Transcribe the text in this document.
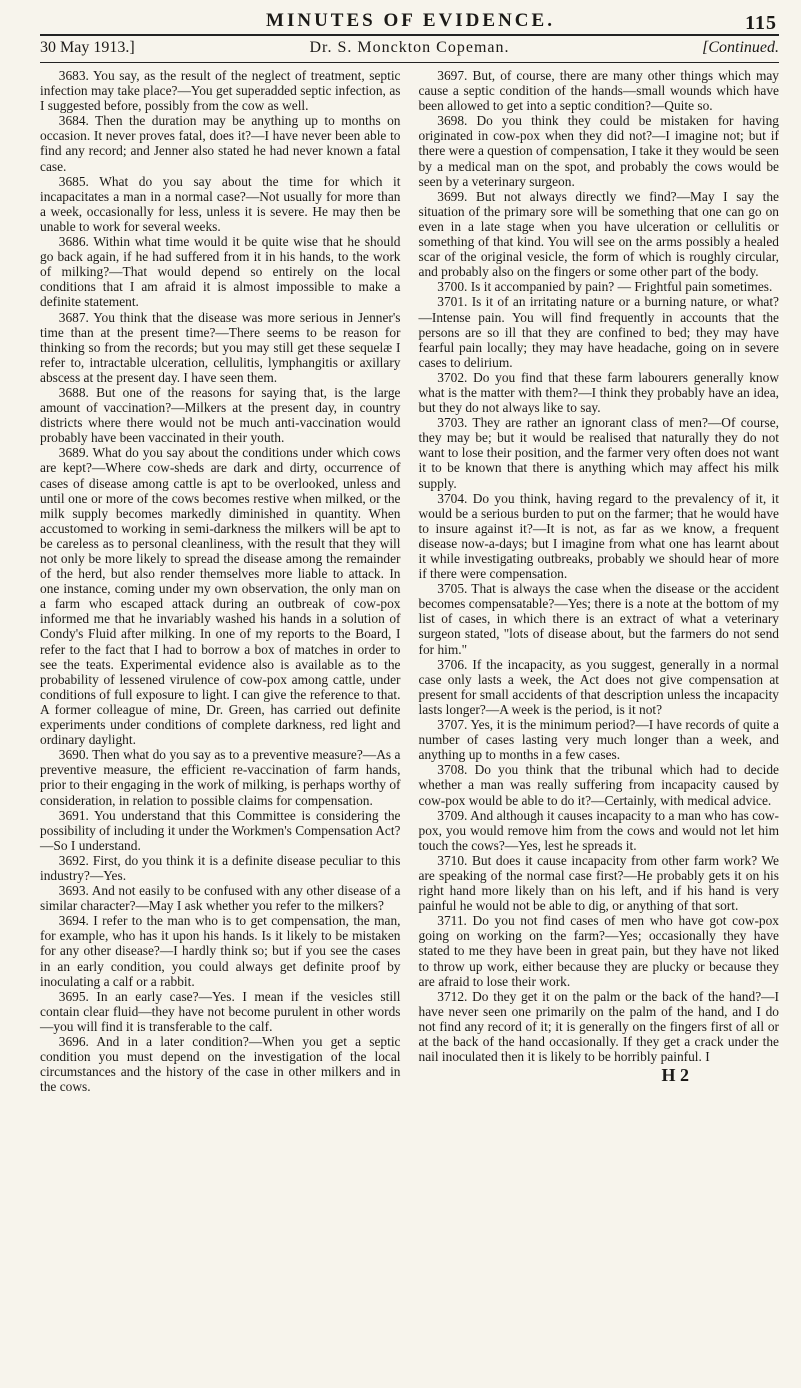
MINUTES OF EVIDENCE.	115
30 May 1913.]	Dr. S. Monckton Copeman.	[Continued.

3683. You say, as the result of the neglect of treatment, septic infection may take place?—You get superadded septic infection, as I suggested before, possibly from the cow as well.

3684. Then the duration may be anything up to months on occasion. It never proves fatal, does it?—I have never been able to find any record; and Jenner also stated he had never known a fatal case.

3685. What do you say about the time for which it incapacitates a man in a normal case?—Not usually for more than a week, occasionally for less, unless it is severe. He may then be unable to work for several weeks.

3686. Within what time would it be quite wise that he should go back again, if he had suffered from it in his hands, to the work of milking?—That would depend so entirely on the local conditions that I am afraid it is almost impossible to make a definite statement.

3687. You think that the disease was more serious in Jenner's time than at the present time?—There seems to be reason for thinking so from the records; but you may still get these sequelæ I refer to, intractable ulceration, cellulitis, lymphangitis or axillary abscess at the present day. I have seen them.

3688. But one of the reasons for saying that, is the large amount of vaccination?—Milkers at the present day, in country districts where there would not be much anti-vaccination would probably have been vaccinated in their youth.

3689. What do you say about the conditions under which cows are kept?—Where cow-sheds are dark and dirty, occurrence of cases of disease among cattle is apt to be overlooked, unless and until one or more of the cows becomes restive when milked, or the milk supply becomes markedly diminished in quantity. When accustomed to working in semi-darkness the milkers will be apt to be careless as to personal cleanliness, with the result that they will not only be more likely to spread the disease among the remainder of the herd, but also render themselves more liable to attack. In one instance, coming under my own observation, the only man on a farm who escaped attack during an outbreak of cow-pox informed me that he invariably washed his hands in a solution of Condy's Fluid after milking. In one of my reports to the Board, I refer to the fact that I had to borrow a box of matches in order to see the teats. Experimental evidence also is available as to the probability of lessened virulence of cow-pox among cattle, under conditions of full exposure to light. I can give the reference to that. A former colleague of mine, Dr. Green, has carried out definite experiments under conditions of complete darkness, red light and ordinary daylight.

3690. Then what do you say as to a preventive measure?—As a preventive measure, the efficient re-vaccination of farm hands, prior to their engaging in the work of milking, is perhaps worthy of consideration, in relation to possible claims for compensation.

3691. You understand that this Committee is considering the possibility of including it under the Workmen's Compensation Act?—So I understand.

3692. First, do you think it is a definite disease peculiar to this industry?—Yes.

3693. And not easily to be confused with any other disease of a similar character?—May I ask whether you refer to the milkers?

3694. I refer to the man who is to get compensation, the man, for example, who has it upon his hands. Is it likely to be mistaken for any other disease?—I hardly think so; but if you see the cases in an early condition, you could always get definite proof by inoculating a calf or a rabbit.

3695. In an early case?—Yes. I mean if the vesicles still contain clear fluid—they have not become purulent in other words—you will find it is transferable to the calf.

3696. And in a later condition?—When you get a septic condition you must depend on the investigation of the local circumstances and the history of the case in other milkers and in the cows.

3697. But, of course, there are many other things which may cause a septic condition of the hands—small wounds which have been allowed to get into a septic condition?—Quite so.

3698. Do you think they could be mistaken for having originated in cow-pox when they did not?—I imagine not; but if there were a question of compensation, I take it they would be seen by a medical man on the spot, and probably the cows would be seen by a veterinary surgeon.

3699. But not always directly we find?—May I say the situation of the primary sore will be something that one can go on even in a late stage when you have ulceration or cellulitis or something of that kind. You will see on the arms possibly a healed scar of the original vesicle, the form of which is roughly circular, and probably also on the fingers or some other part of the body.

3700. Is it accompanied by pain? — Frightful pain sometimes.

3701. Is it of an irritating nature or a burning nature, or what?—Intense pain. You will find frequently in accounts that the persons are so ill that they are confined to bed; they may have fearful pain locally; they may have headache, going on in severe cases to delirium.

3702. Do you find that these farm labourers generally know what is the matter with them?—I think they probably have an idea, but they do not always like to say.

3703. They are rather an ignorant class of men?—Of course, they may be; but it would be realised that naturally they do not want to lose their position, and the farmer very often does not want it to be known that there is anything which may affect his milk supply.

3704. Do you think, having regard to the prevalency of it, it would be a serious burden to put on the farmer; that he would have to insure against it?—It is not, as far as we know, a frequent disease now-a-days; but I imagine from what one has learnt about it while investigating outbreaks, probably we should hear of more if there were compensation.

3705. That is always the case when the disease or the accident becomes compensatable?—Yes; there is a note at the bottom of my list of cases, in which there is an extract of what a veterinary surgeon stated, "lots of disease about, but the farmers do not send for him."

3706. If the incapacity, as you suggest, generally in a normal case only lasts a week, the Act does not give compensation at present for small accidents of that description unless the incapacity lasts longer?—A week is the period, is it not?

3707. Yes, it is the minimum period?—I have records of quite a number of cases lasting very much longer than a week, and anything up to months in a few cases.

3708. Do you think that the tribunal which had to decide whether a man was really suffering from incapacity caused by cow-pox would be able to do it?—Certainly, with medical advice.

3709. And although it causes incapacity to a man who has cow-pox, you would remove him from the cows and would not let him touch the cows?—Yes, lest he spreads it.

3710. But does it cause incapacity from other farm work? We are speaking of the normal case first?—He probably gets it on his right hand more likely than on his left, and if his hand is very painful he would not be able to dig, or anything of that sort.

3711. Do you not find cases of men who have got cow-pox going on working on the farm?—Yes; occasionally they have stated to me they have been in great pain, but they have not liked to throw up work, either because they are plucky or because they are afraid to lose their work.

3712. Do they get it on the palm or the back of the hand?—I have never seen one primarily on the palm of the hand, and I do not find any record of it; it is generally on the fingers first of all or at the back of the hand occasionally. If they get a crack under the nail inoculated then it is likely to be horribly painful. I

H 2
